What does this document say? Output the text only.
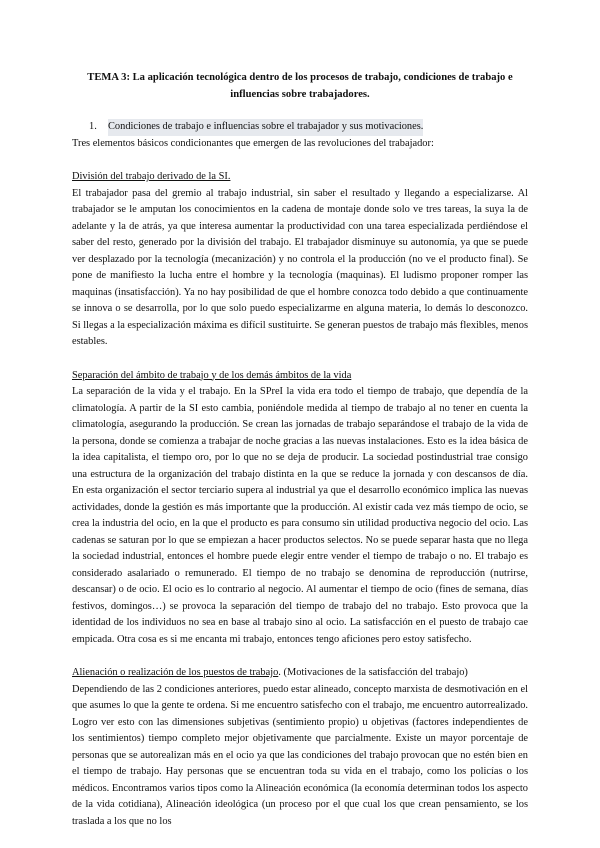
TEMA 3: La aplicación tecnológica dentro de los procesos de trabajo, condiciones de trabajo e influencias sobre trabajadores.
1.	Condiciones de trabajo e influencias sobre el trabajador y sus motivaciones.

Tres elementos básicos condicionantes que emergen de las revoluciones del trabajador:

División del trabajo derivado de la SI.

El trabajador pasa del gremio al trabajo industrial, sin saber el resultado y llegando a especializarse. Al trabajador se le amputan los conocimientos en la cadena de montaje donde solo ve tres tareas, la suya la de adelante y la de atrás, ya que interesa aumentar la productividad con una tarea especializada perdiéndose el saber del resto, generado por la división del trabajo. El trabajador disminuye su autonomía, ya que se puede ver desplazado por la tecnología (mecanización) y no controla el la producción (no ve el producto final). Se pone de manifiesto la lucha entre el hombre y la tecnología (maquinas). El ludismo proponer romper las maquinas (insatisfacción). Ya no hay posibilidad de que el hombre conozca todo debido a que continuamente se innova o se desarrolla, por lo que solo puedo especializarme en alguna materia, lo demás lo desconozco. Si llegas a la especialización máxima es difícil sustituirte. Se generan puestos de trabajo más flexibles, menos estables.

Separación del ámbito de trabajo y de los demás ámbitos de la vida

La separación de la vida y el trabajo. En la SPreI la vida era todo el tiempo de trabajo, que dependía de la climatología. A partir de la SI esto cambia, poniéndole medida al tiempo de trabajo al no tener en cuenta la climatología, asegurando la producción. Se crean las jornadas de trabajo separándose el trabajo de la vida de la persona, donde se comienza a trabajar de noche gracias a las nuevas instalaciones. Esto es la idea básica de la idea capitalista, el tiempo oro, por lo que no se deja de producir. La sociedad postindustrial trae consigo una estructura de la organización del trabajo distinta en la que se reduce la jornada y con descansos de día. En esta organización el sector terciario supera al industrial ya que el desarrollo económico implica las nuevas actividades, donde la gestión es más importante que la producción. Al existir cada vez más tiempo de ocio, se crea la industria del ocio, en la que el producto es para consumo sin utilidad productiva negocio del ocio. Las cadenas se saturan por lo que se empiezan a hacer productos selectos. No se puede separar hasta que no llega la sociedad industrial, entonces el hombre puede elegir entre vender el tiempo de trabajo o no. El trabajo es considerado asalariado o remunerado. El tiempo de no trabajo se denomina de reproducción (nutrirse, descansar) o de ocio. El ocio es lo contrario al negocio. Al aumentar el tiempo de ocio (fines de semana, días festivos, domingos…) se provoca la separación del tiempo de trabajo del no trabajo. Esto provoca que la identidad de los individuos no sea en base al trabajo sino al ocio. La satisfacción en el puesto de trabajo cae empicada. Otra cosa es si me encanta mi trabajo, entonces tengo aficiones pero estoy satisfecho.

Alienación o realización de los puestos de trabajo. (Motivaciones de la satisfacción del trabajo)

Dependiendo de las 2 condiciones anteriores, puedo estar alineado, concepto marxista de desmotivación en el que asumes lo que la gente te ordena. Si me encuentro satisfecho con el trabajo, me encuentro autorrealizado. Logro ver esto con las dimensiones subjetivas (sentimiento propio) u objetivas (factores independientes de los sentimientos) tiempo completo mejor objetivamente que parcialmente. Existe un mayor porcentaje de personas que se autorealizan más en el ocio ya que las condiciones del trabajo provocan que no estén bien en el tiempo de trabajo. Hay personas que se encuentran toda su vida en el trabajo, como los policías o los médicos. Encontramos varios tipos como la Alineación económica (la economía determinan todos los aspecto de la vida cotidiana), Alineación ideológica (un proceso por el que cual los que crean pensamiento, se los traslada a los que no los
